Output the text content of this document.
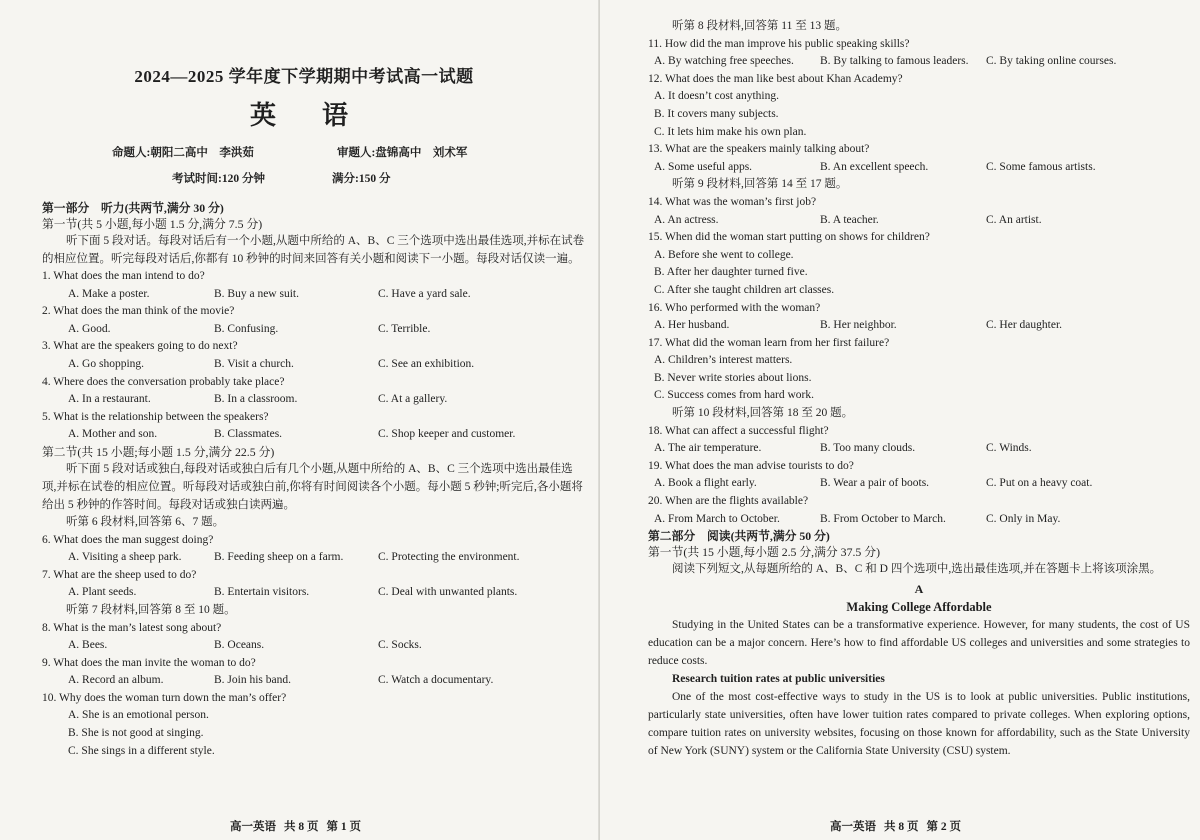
2024—2025 学年度下学期期中考试高一试题
英　语
命题人:朝阳二高中　李洪茹	审题人:盘锦高中　刘术军
考试时间:120 分钟	满分:150 分
第一部分　听力(共两节,满分 30 分)
第一节(共 5 小题,每小题 1.5 分,满分 7.5 分)
听下面 5 段对话。每段对话后有一个小题,从题中所给的 A、B、C 三个选项中选出最佳选项,并标在试卷的相应位置。听完每段对话后,你都有 10 秒钟的时间来回答有关小题和阅读下一小题。每段对话仅读一遍。
1. What does the man intend to do?
A. Make a poster.	B. Buy a new suit.	C. Have a yard sale.
2. What does the man think of the movie?
A. Good.	B. Confusing.	C. Terrible.
3. What are the speakers going to do next?
A. Go shopping.	B. Visit a church.	C. See an exhibition.
4. Where does the conversation probably take place?
A. In a restaurant.	B. In a classroom.	C. At a gallery.
5. What is the relationship between the speakers?
A. Mother and son.	B. Classmates.	C. Shop keeper and customer.
第二节(共 15 小题;每小题 1.5 分,满分 22.5 分)
听下面 5 段对话或独白,每段对话或独白后有几个小题,从题中所给的 A、B、C 三个选项中选出最佳选项,并标在试卷的相应位置。听每段对话或独白前,你将有时间阅读各个小题。每小题 5 秒钟;听完后,各小题将给出 5 秒钟的作答时间。每段对话或独白读两遍。
听第 6 段材料,回答第 6、7 题。
6. What does the man suggest doing?
A. Visiting a sheep park.	B. Feeding sheep on a farm.	C. Protecting the environment.
7. What are the sheep used to do?
A. Plant seeds.	B. Entertain visitors.	C. Deal with unwanted plants.
听第 7 段材料,回答第 8 至 10 题。
8. What is the man’s latest song about?
A. Bees.	B. Oceans.	C. Socks.
9. What does the man invite the woman to do?
A. Record an album.	B. Join his band.	C. Watch a documentary.
10. Why does the woman turn down the man’s offer?
A. She is an emotional person.
B. She is not good at singing.
C. She sings in a different style.
高一英语 共 8 页 第 1 页
听第 8 段材料,回答第 11 至 13 题。
11. How did the man improve his public speaking skills?
A. By watching free speeches.	B. By talking to famous leaders.	C. By taking online courses.
12. What does the man like best about Khan Academy?
A. It doesn’t cost anything.
B. It covers many subjects.
C. It lets him make his own plan.
13. What are the speakers mainly talking about?
A. Some useful apps.	B. An excellent speech.	C. Some famous artists.
听第 9 段材料,回答第 14 至 17 题。
14. What was the woman’s first job?
A. An actress.	B. A teacher.	C. An artist.
15. When did the woman start putting on shows for children?
A. Before she went to college.
B. After her daughter turned five.
C. After she taught children art classes.
16. Who performed with the woman?
A. Her husband.	B. Her neighbor.	C. Her daughter.
17. What did the woman learn from her first failure?
A. Children’s interest matters.
B. Never write stories about lions.
C. Success comes from hard work.
听第 10 段材料,回答第 18 至 20 题。
18. What can affect a successful flight?
A. The air temperature.	B. Too many clouds.	C. Winds.
19. What does the man advise tourists to do?
A. Book a flight early.	B. Wear a pair of boots.	C. Put on a heavy coat.
20. When are the flights available?
A. From March to October.	B. From October to March.	C. Only in May.
第二部分　阅读(共两节,满分 50 分)
第一节(共 15 小题,每小题 2.5 分,满分 37.5 分)
阅读下列短文,从每题所给的 A、B、C 和 D 四个选项中,选出最佳选项,并在答题卡上将该项涂黑。
A
Making College Affordable
Studying in the United States can be a transformative experience. However, for many students, the cost of US education can be a major concern. Here’s how to find affordable US colleges and universities and some strategies to reduce costs.
Research tuition rates at public universities
One of the most cost-effective ways to study in the US is to look at public universities. Public institutions, particularly state universities, often have lower tuition rates compared to private colleges. When exploring options, compare tuition rates on university websites, focusing on those known for affordability, such as the State University of New York (SUNY) system or the California State University (CSU) system.
高一英语 共 8 页 第 2 页
